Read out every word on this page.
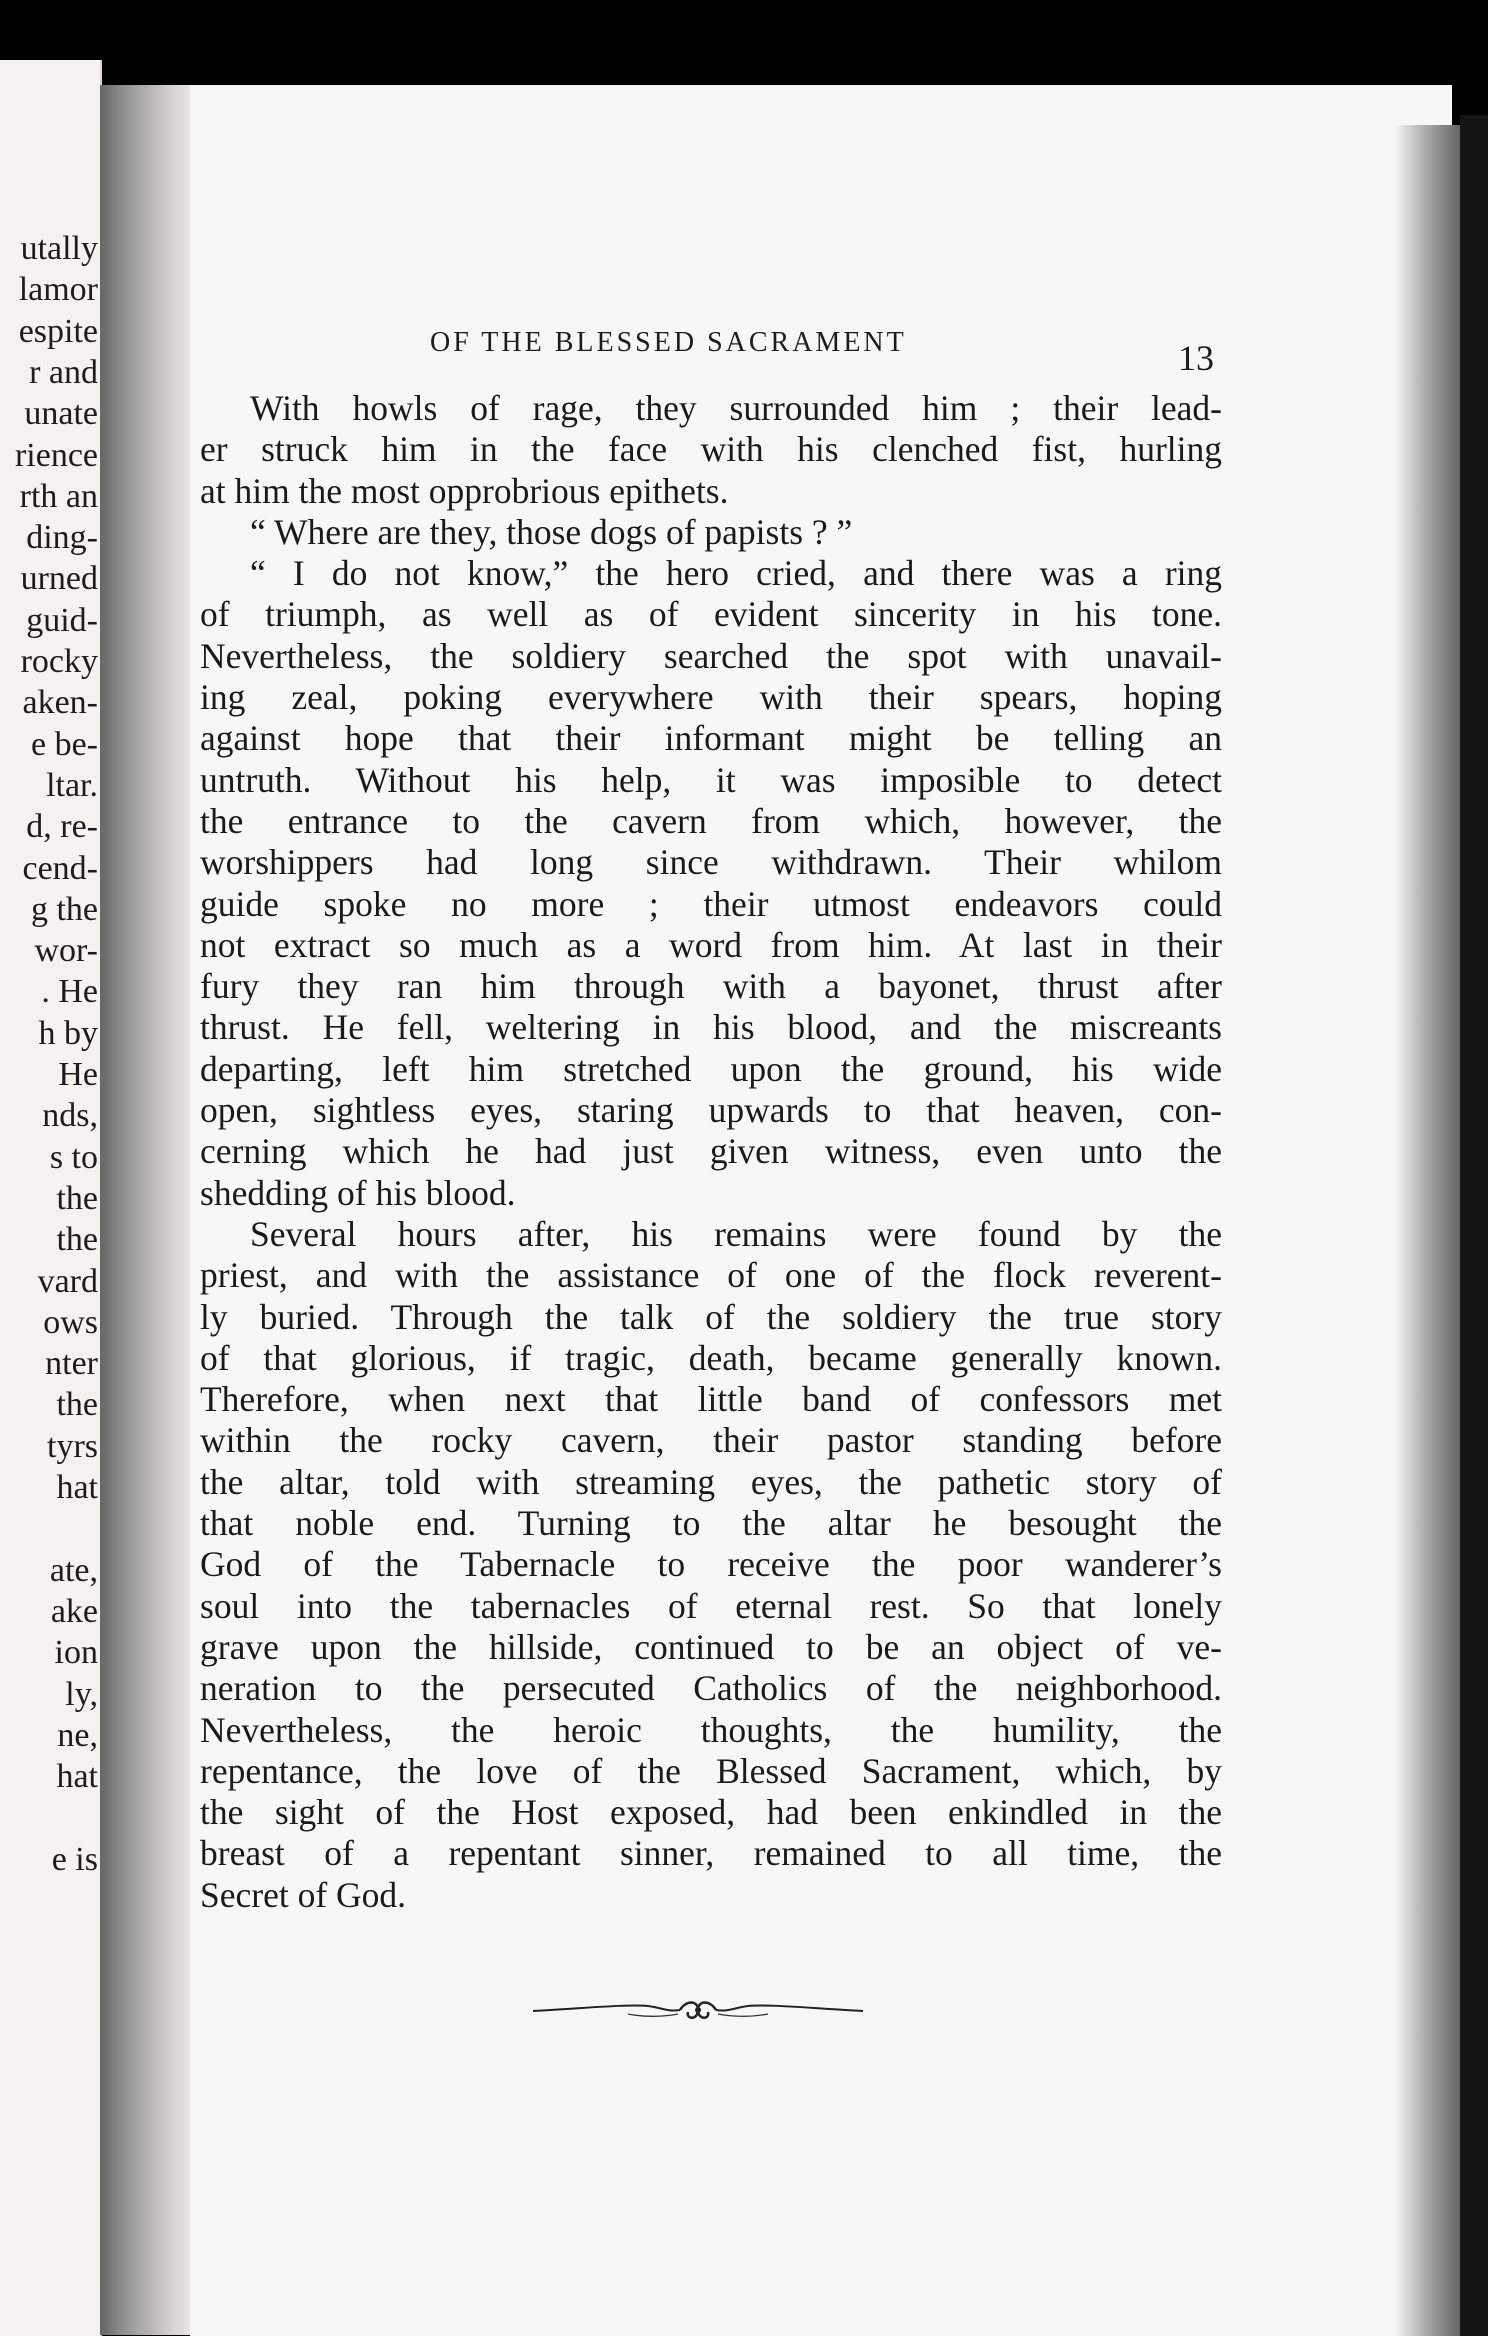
utally
lamor
espite
r and
unate
rience
rth an
ding-
urned
guid-
rocky
aken-
e be-
ltar.
d, re-
cend-
g the
wor-
. He
h by
He
nds,
s to
the
the
vard
ows
nter
the
tyrs
hat
ate,
ake
ion
ly,
ne,
hat
e is
OF THE BLESSED SACRAMENT	13
With howls of rage, they surrounded him ; their lead-
er struck him in the face with his clenched fist, hurling
at him the most opprobrious epithets.
“ Where are they, those dogs of papists ? ”
“ I do not know,” the hero cried, and there was a ring
of triumph, as well as of evident sincerity in his tone.
Nevertheless, the soldiery searched the spot with unavail-
ing zeal, poking everywhere with their spears, hoping
against hope that their informant might be telling an
untruth. Without his help, it was imposible to detect
the entrance to the cavern from which, however, the
worshippers had long since withdrawn. Their whilom
guide spoke no more ; their utmost endeavors could
not extract so much as a word from him. At last in their
fury they ran him through with a bayonet, thrust after
thrust. He fell, weltering in his blood, and the miscreants
departing, left him stretched upon the ground, his wide
open, sightless eyes, staring upwards to that heaven, con-
cerning which he had just given witness, even unto the
shedding of his blood.
Several hours after, his remains were found by the
priest, and with the assistance of one of the flock reverent-
ly buried. Through the talk of the soldiery the true story
of that glorious, if tragic, death, became generally known.
Therefore, when next that little band of confessors met
within the rocky cavern, their pastor standing before
the altar, told with streaming eyes, the pathetic story of
that noble end. Turning to the altar he besought the
God of the Tabernacle to receive the poor wanderer’s
soul into the tabernacles of eternal rest. So that lonely
grave upon the hillside, continued to be an object of ve-
neration to the persecuted Catholics of the neighborhood.
Nevertheless, the heroic thoughts, the humility, the
repentance, the love of the Blessed Sacrament, which, by
the sight of the Host exposed, had been enkindled in the
breast of a repentant sinner, remained to all time, the
Secret of God.
